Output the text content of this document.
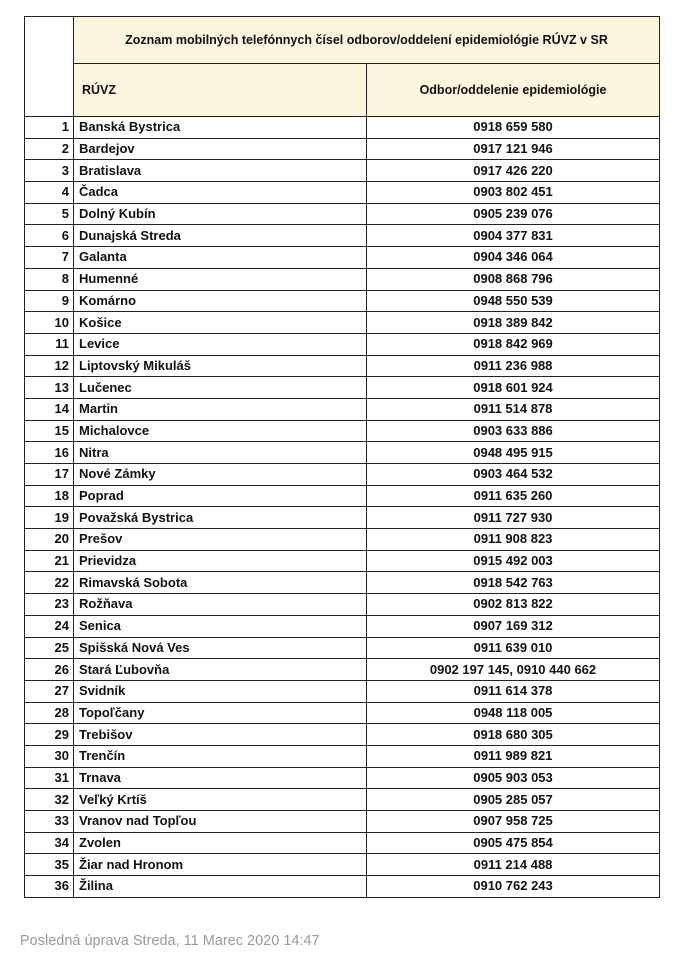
	Zoznam mobilných telefónnych čísel odborov/oddelení epidemiológie RÚVZ v SR	
	RÚVZ	Odbor/oddelenie epidemiológie
1	Banská Bystrica	0918 659 580
2	Bardejov	0917 121 946
3	Bratislava	0917 426 220
4	Čadca	0903 802 451
5	Dolný Kubín	0905 239 076
6	Dunajská Streda	0904 377 831
7	Galanta	0904 346 064
8	Humenné	0908 868 796
9	Komárno	0948 550 539
10	Košice	0918 389 842
11	Levice	0918 842 969
12	Liptovský Mikuláš	0911 236 988
13	Lučenec	0918 601 924
14	Martin	0911 514 878
15	Michalovce	0903 633 886
16	Nitra	0948 495 915
17	Nové Zámky	0903 464 532
18	Poprad	0911 635 260
19	Považská Bystrica	0911 727 930
20	Prešov	0911 908 823
21	Prievidza	0915 492 003
22	Rimavská Sobota	0918 542 763
23	Rožňava	0902 813 822
24	Senica	0907 169 312
25	Spišská Nová Ves	0911 639 010
26	Stará Ľubovňa	0902 197 145, 0910 440 662
27	Svidník	0911 614 378
28	Topoľčany	0948 118 005
29	Trebišov	0918 680 305
30	Trenčín	0911 989 821
31	Trnava	0905 903 053
32	Veľký Krtíš	0905 285 057
33	Vranov nad Topľou	0907 958 725
34	Zvolen	0905 475 854
35	Žiar nad Hronom	0911 214 488
36	Žilina	0910 762 243
Posledná úprava Streda, 11 Marec 2020 14:47
